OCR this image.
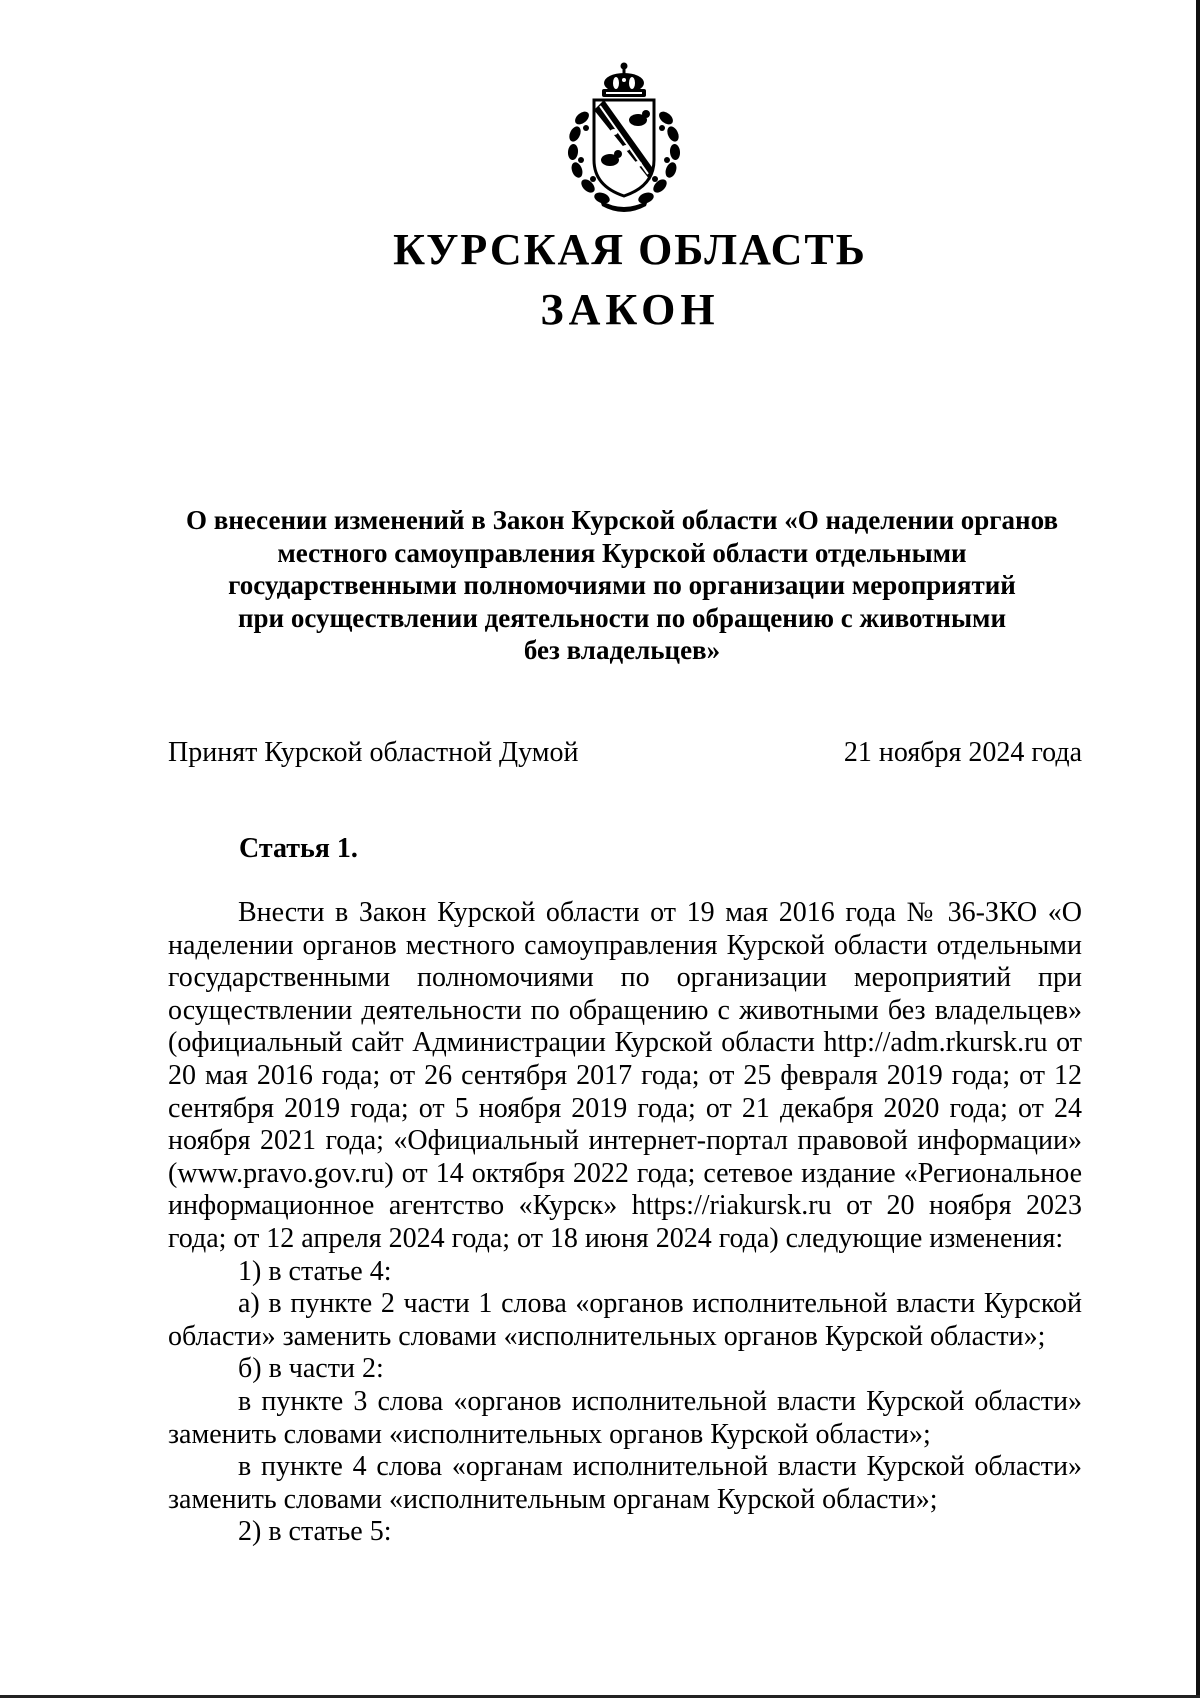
КУРСКАЯ ОБЛАСТЬ
ЗАКОН
О внесении изменений в Закон Курской области «О наделении органов
местного самоуправления Курской области отдельными
государственными полномочиями по организации мероприятий
при осуществлении деятельности по обращению с животными
без владельцев»
Принят Курской областной Думой	21 ноября 2024 года
Статья 1.

Внести в Закон Курской области от 19 мая 2016 года № 36-ЗКО «О наделении органов местного самоуправления Курской области отдельными государственными полномочиями по организации мероприятий при осуществлении деятельности по обращению с животными без владельцев» (официальный сайт Администрации Курской области http://adm.rkursk.ru от 20 мая 2016 года; от 26 сентября 2017 года; от 25 февраля 2019 года; от 12 сентября 2019 года; от 5 ноября 2019 года; от 21 декабря 2020 года; от 24 ноября 2021 года; «Официальный интернет-портал правовой информации» (www.pravo.gov.ru) от 14 октября 2022 года; сетевое издание «Региональное информационное агентство «Курск» https://riakursk.ru от 20 ноября 2023 года; от 12 апреля 2024 года; от 18 июня 2024 года) следующие изменения:

1) в статье 4:

а) в пункте 2 части 1 слова «органов исполнительной власти Курской области» заменить словами «исполнительных органов Курской области»;

б) в части 2:

в пункте 3 слова «органов исполнительной власти Курской области» заменить словами «исполнительных органов Курской области»;

в пункте 4 слова «органам исполнительной власти Курской области» заменить словами «исполнительным органам Курской области»;

2) в статье 5:
